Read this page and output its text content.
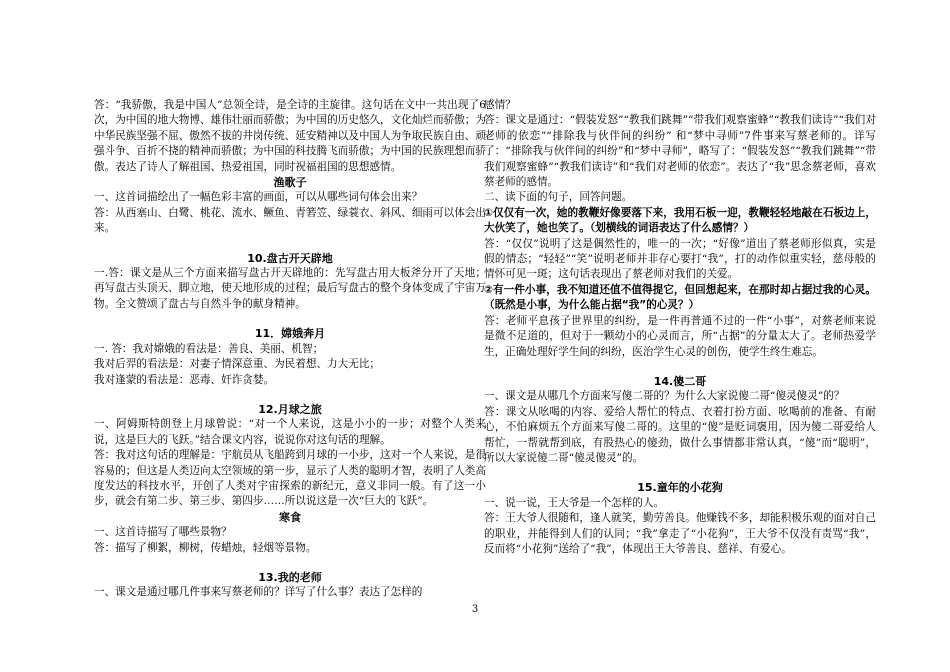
答：“我骄傲，我是中国人”总领全诗，是全诗的主旋律。这句话在文中一共出现了6次，为中国的地大物博、雄伟壮丽而骄傲；为中国的历史悠久，文化灿烂而骄傲；为中华民族坚强不屈、傲然不拔的井岗传统、延安精神以及中国人为争取民族自由、顽强斗争、百折不挠的精神而骄傲；为中国的科技腾飞而骄傲；为中国的民族理想而骄傲。表达了诗人了解祖国、热爱祖国，同时祝福祖国的思想感情。

渔歌子

一、这首词描绘出了一幅色彩丰富的画面，可以从哪些词句体会出来？

答：从西塞山、白鹭、桃花、流水、鳜鱼、青箬笠、绿蓑衣、斜风、细雨可以体会出来。

10.盘古开天辟地

一.答：课文是从三个方面来描写盘古开天辟地的：先写盘古用大板斧分开了天地；再写盘古头顶天、脚立地，使天地形成的过程；最后写盘古的整个身体变成了宇宙万物。全文赞颂了盘古与自然斗争的献身精神。

11．嫦娥奔月

一. 答：我对嫦娥的看法是：善良、美丽、机智；

我对后羿的看法是：对妻子情深意重、为民着想、力大无比；

我对逢蒙的看法是：恶毒、奸诈贪婪。

12.月球之旅

一、阿姆斯特朗登上月球曾说：“对一个人来说，这是小小的一步；对整个人类来说，这是巨大的飞跃。”结合课文内容，说说你对这句话的理解。

答：我对这句话的理解是：宇航员从飞船跨到月球的一小步，这对一个人来说，是很容易的；但这是人类迈向太空领域的第一步，显示了人类的聪明才智，表明了人类高度发达的科技水平，开创了人类对宇宙探索的新纪元，意义非同一般。有了这一小步，就会有第二步、第三步、第四步……所以说这是一次“巨大的飞跃”。

寒食

一、这首诗描写了哪些景物？

答：描写了柳絮，柳树，传蜡烛，轻烟等景物。

13.我的老师

一、课文是通过哪几件事来写蔡老师的？详写了什么事？表达了怎样的

感情？

答：课文是通过：“假装发怒”“教我们跳舞”“带我们观察蜜蜂”“教我们读诗”“我们对老师的依恋”“排除我与伙伴间的纠纷” 和“梦中寻师”7件事来写蔡老师的。详写了：“排除我与伙伴间的纠纷”和“梦中寻师”，略写了：“假装发怒”“教我们跳舞”“带我们观察蜜蜂”“教我们读诗”和“我们对老师的依恋”。表达了“我”思念蔡老师，喜欢蔡老师的感情。

二、读下面的句子，回答问题。

①仅仅有一次，她的教鞭好像要落下来，我用石板一迎，教鞭轻轻地敲在石板边上，大伙笑了，她也笑了。（划横线的词语表达了什么感情？）

答：“仅仅”说明了这是偶然性的，唯一的一次；“好像”道出了蔡老师形似真，实是假的情态；“轻轻”“笑”说明老师并非存心要打“我”，打的动作似重实轻，慈母般的情怀可见一斑；这句话表现出了蔡老师对我们的关爱。

②有一件小事，我不知道还值不值得提它，但回想起来，在那时却占据过我的心灵。（既然是小事，为什么能占据“我”的心灵？）

答：老师平息孩子世界里的纠纷，是一件再普通不过的一件“小事”，对蔡老师来说是微不足道的，但对于一颗幼小的心灵而言，所“占据”的分量太大了。老师热爱学生，正确处理好学生间的纠纷，医治学生心灵的创伤，使学生终生难忘。

14.傻二哥

一、课文是从哪几个方面来写傻二哥的？为什么大家说傻二哥“傻灵傻灵”的？

答：课文从吆喝的内容、爱给人帮忙的特点、衣着打扮方面、吆喝前的准备、有耐心，不怕麻烦五个方面来写傻二哥的。这里的“傻”是贬词褒用，因为傻二哥爱给人帮忙，一帮就帮到底，有股热心的傻劲，做什么事情都非常认真，“傻”而“聪明”，所以大家说傻二哥“傻灵傻灵”的。

15.童年的小花狗

一、说一说，王大爷是一个怎样的人。

答：王大爷人很随和，逢人就笑，勤劳善良。他赚钱不多，却能积极乐观的面对自己的职业，并能得到人们的认同；“我”拿走了“小花狗”，王大爷不仅没有责骂“我”，反而将“小花狗”送给了“我”，体现出王大爷善良、慈祥、有爱心。

3
